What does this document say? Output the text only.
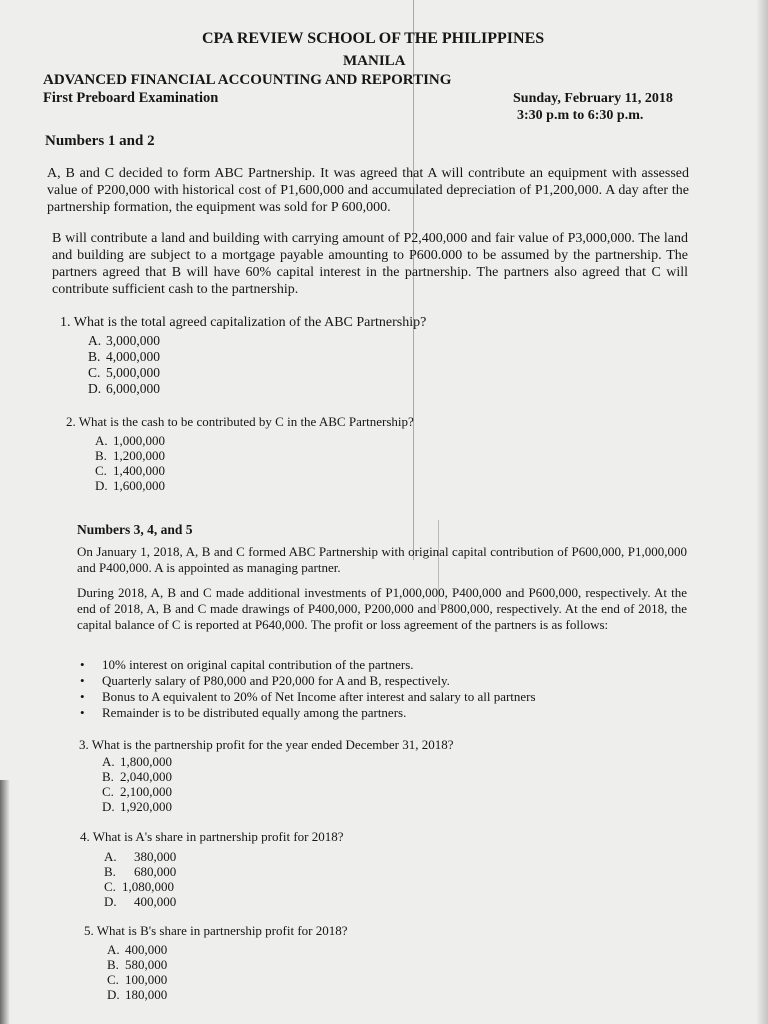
CPA REVIEW SCHOOL OF THE PHILIPPINES
MANILA
ADVANCED FINANCIAL ACCOUNTING AND REPORTING
First Preboard Examination	Sunday, February 11, 2018
3:30 p.m to 6:30 p.m.
Numbers 1 and 2
A, B and C decided to form ABC Partnership. It was agreed that A will contribute an equipment with assessed value of P200,000 with historical cost of P1,600,000 and accumulated depreciation of P1,200,000. A day after the partnership formation, the equipment was sold for P 600,000.
B will contribute a land and building with carrying amount of P2,400,000 and fair value of P3,000,000. The land and building are subject to a mortgage payable amounting to P600.000 to be assumed by the partnership. The partners agreed that B will have 60% capital interest in the partnership. The partners also agreed that C will contribute sufficient cash to the partnership.
1. What is the total agreed capitalization of the ABC Partnership?
A. 3,000,000
B. 4,000,000
C. 5,000,000
D. 6,000,000
2. What is the cash to be contributed by C in the ABC Partnership?
A. 1,000,000
B. 1,200,000
C. 1,400,000
D. 1,600,000
Numbers 3, 4, and 5
On January 1, 2018, A, B and C formed ABC Partnership with original capital contribution of P600,000, P1,000,000 and P400,000. A is appointed as managing partner.
During 2018, A, B and C made additional investments of P1,000,000, P400,000 and P600,000, respectively. At the end of 2018, A, B and C made drawings of P400,000, P200,000 and P800,000, respectively. At the end of 2018, the capital balance of C is reported at P640,000. The profit or loss agreement of the partners is as follows:
•	10% interest on original capital contribution of the partners.
•	Quarterly salary of P80,000 and P20,000 for A and B, respectively.
•	Bonus to A equivalent to 20% of Net Income after interest and salary to all partners
•	Remainder is to be distributed equally among the partners.
3. What is the partnership profit for the year ended December 31, 2018?
A. 1,800,000
B. 2,040,000
C. 2,100,000
D. 1,920,000
4. What is A's share in partnership profit for 2018?
A.	380,000
B.	680,000
C. 1,080,000
D.	400,000
5. What is B's share in partnership profit for 2018?
A. 400,000
B. 580,000
C. 100,000
D. 180,000
